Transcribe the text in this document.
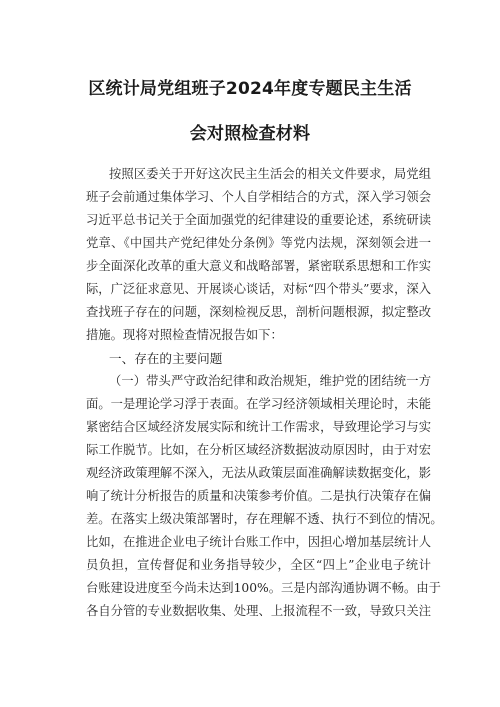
区统计局党组班子2024年度专题民主生活
会对照检查材料
按照区委关于开好这次民主生活会的相关文件要求，局党组
班子会前通过集体学习、个人自学相结合的方式，深入学习领会
习近平总书记关于全面加强党的纪律建设的重要论述，系统研读
党章、《中国共产党纪律处分条例》等党内法规，深刻领会进一
步全面深化改革的重大意义和战略部署，紧密联系思想和工作实
际，广泛征求意见、开展谈心谈话，对标“四个带头”要求，深入
查找班子存在的问题，深刻检视反思，剖析问题根源，拟定整改
措施。现将对照检查情况报告如下：
一、存在的主要问题
（一）带头严守政治纪律和政治规矩，维护党的团结统一方
面。一是理论学习浮于表面。在学习经济领域相关理论时，未能
紧密结合区域经济发展实际和统计工作需求，导致理论学习与实
际工作脱节。比如，在分析区域经济数据波动原因时，由于对宏
观经济政策理解不深入，无法从政策层面准确解读数据变化，影
响了统计分析报告的质量和决策参考价值。二是执行决策存在偏
差。在落实上级决策部署时，存在理解不透、执行不到位的情况。
比如，在推进企业电子统计台账工作中，因担心增加基层统计人
员负担，宣传督促和业务指导较少，全区“四上”企业电子统计
台账建设进度至今尚未达到100%。三是内部沟通协调不畅。由于
各自分管的专业数据收集、处理、上报流程不一致，导致只关注
